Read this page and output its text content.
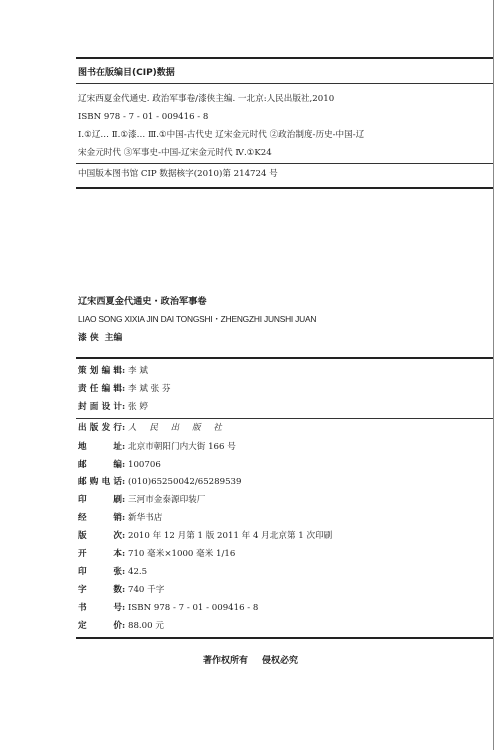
图书在版编目(CIP)数据
辽宋西夏金代通史. 政治军事卷/漆侠主编. 一北京:人民出版社,2010
ISBN 978 - 7 - 01 - 009416 - 8
Ⅰ.①辽… Ⅱ.①漆… Ⅲ.①中国-古代史 辽宋金元时代 ②政治制度-历史-中国-辽
宋金元时代 ③军事史-中国-辽宋金元时代 Ⅳ.①K24
中国版本图书馆 CIP 数据核字(2010)第 214724 号
辽宋西夏金代通史・政治军事卷
LIAO SONG XIXIA JIN DAI TONGSHI・ZHENGZHI JUNSHI JUAN
漆 侠 主编
策划编辑: 李 斌
责任编辑: 李 斌 张 芬
封面设计: 张 婷
出版发行: 人 民 出 版 社
地址: 北京市朝阳门内大街 166 号
邮编: 100706
邮购电话: (010)65250042/65289539
印刷: 三河市金泰源印装厂
经销: 新华书店
版次: 2010 年 12 月第 1 版 2011 年 4 月北京第 1 次印刷
开本: 710 毫米×1000 毫米 1/16
印张: 42.5
字数: 740 千字
书号: ISBN 978 - 7 - 01 - 009416 - 8
定价: 88.00 元
著作权所有 侵权必究
